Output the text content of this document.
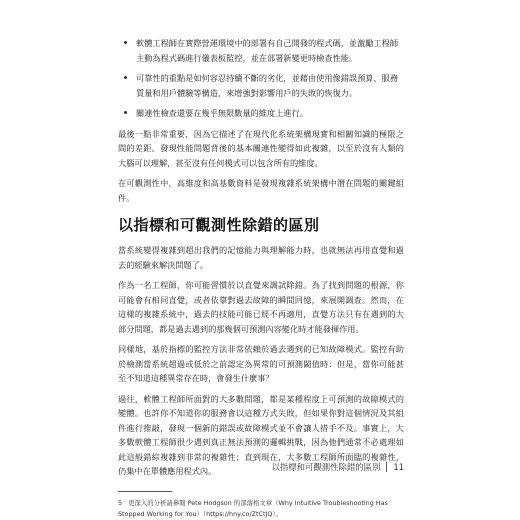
軟體工程師在實際營運環境中的部署有自己開發的程式碼，並激勵工程師主動為程式碼進行儀表板監控，並在部署新變更時檢查性能。
可靠性的重點是如何容忍持續不斷的劣化，並藉由使用像錯誤預算、服務質量和用戶體驗等構造，來增強對影響用戶的失敗的恢復力。
關連性檢查還要在幾乎無限數量的維度上進行。

最後一點非常重要，因為它描述了在現代化系統架構現實和相關知識的極限之間的差距。發現性能問題背後的基本關連性變得如此複雜，以至於沒有人類的大腦可以理解，甚至沒有任何模式可以包含所有的維度。

在可觀測性中，高維度和高基數資料是發現複雜系統架構中潛在問題的關鍵組件。

以指標和可觀測性除錯的區別

當系統變得複雜到超出我們的記憶能力與理解能力時，也就無法再用直覺和過去的經驗來解決問題了。

作為一名工程師，你可能習慣於以直覺來調試除錯。為了找到問題的根源，你可能會有相同直覺，或者依靠對過去故障的瞬間回憶，來展開調查。然而，在這樣的複雜系統中，過去的技能可能已經不再適用，直覺方法只有在遇到的大部分問題，都是過去遇到的那幾個可預測內容變化時才能發揮作用。

同樣地，基於指標的監控方法非常依賴於過去遇到的已知故障模式。監控有助於檢測當系統超過或低於之前認定為異常的可預測閾值時：但是，當你可能甚至不知道這種異常存在時，會發生什麼事？

過往，軟體工程師所面對的大多數問題，都是某種程度上可預測的故障模式的變體。也許你不知道你的服務會以這種方式失敗，但如果你對這個情況及其組件進行推敲，發現一個新的錯誤或故障模式並不會讓人措手不及。事實上，大多數軟體工程師很少遇到真正無法預測的邏輯挑戰，因為他們通常不必處理如此這般錯綜複雜到非常的複雜性；直到現在，大多數工程師所面臨的複雜性，仍集中在單體應用程式內。

5 更深入的分析請參閱 Pete Hodgson 的部落格文章（Why Intuitive Troubleshooting Has Stopped Working for You）（https://hny.co/ZtCtJQ）。
以指標和可觀測性除錯的區別 11
